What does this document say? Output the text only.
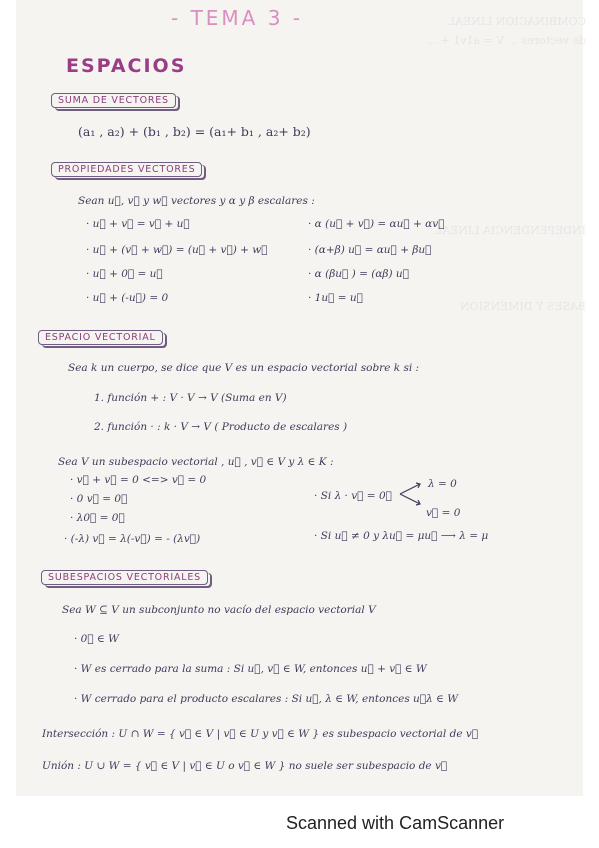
COMBINACIÓN LINEAL
de vectores ... V = a1v1 + ...

INDEPENDENCIA LINEAL

BASES Y DIMENSIÓN

- TEMA 3 -
ESPACIOS
SUMA DE VECTORES
(a₁ , a₂) + (b₁ , b₂) = (a₁+ b₁ , a₂+ b₂)
PROPIEDADES VECTORES
Sean u⃗, v⃗ y w⃗ vectores y α y β escalares :
· u⃗ + v⃗ = v⃗ + u⃗
· u⃗ + (v⃗ + w⃗) = (u⃗ + v⃗) + w⃗
· u⃗ + 0⃗ = u⃗
· u⃗ + (-u⃗) = 0
· α (u⃗ + v⃗) = αu⃗ + αv⃗
· (α+β) u⃗ = αu⃗ + βu⃗
· α (βu⃗ ) = (αβ) u⃗
· 1u⃗ = u⃗
ESPACIO VECTORIAL
Sea k un cuerpo, se dice que V es un espacio vectorial sobre k si :
1. función + : V · V → V (Suma en V)
2. función · : k · V → V ( Producto de escalares )
Sea V un subespacio vectorial , u⃗ , v⃗ ∈ V y λ ∈ K :
· v⃗ + v⃗ = 0 <=> v⃗ = 0
· 0 v⃗ = 0⃗
· λ0⃗ = 0⃗
· (-λ) v⃗ = λ(-v⃗) = - (λv⃗)
· Si λ · v⃗ = 0⃗
λ = 0
v⃗ = 0
· Si u⃗ ≠ 0 y λu⃗ = μu⃗ ⟶ λ = μ
SUBESPACIOS VECTORIALES
Sea W ⊆ V un subconjunto no vacío del espacio vectorial V
· 0⃗ ∈ W
· W es cerrado para la suma : Si u⃗, v⃗ ∈ W, entonces u⃗ + v⃗ ∈ W
· W cerrado para el producto escalares : Si u⃗, λ ∈ W, entonces u⃗λ ∈ W
Intersección : U ∩ W = { v⃗ ∈ V | v⃗ ∈ U y v⃗ ∈ W } es subespacio vectorial de v⃗
Unión : U ∪ W = { v⃗ ∈ V | v⃗ ∈ U o v⃗ ∈ W } no suele ser subespacio de v⃗
Scanned with CamScanner
